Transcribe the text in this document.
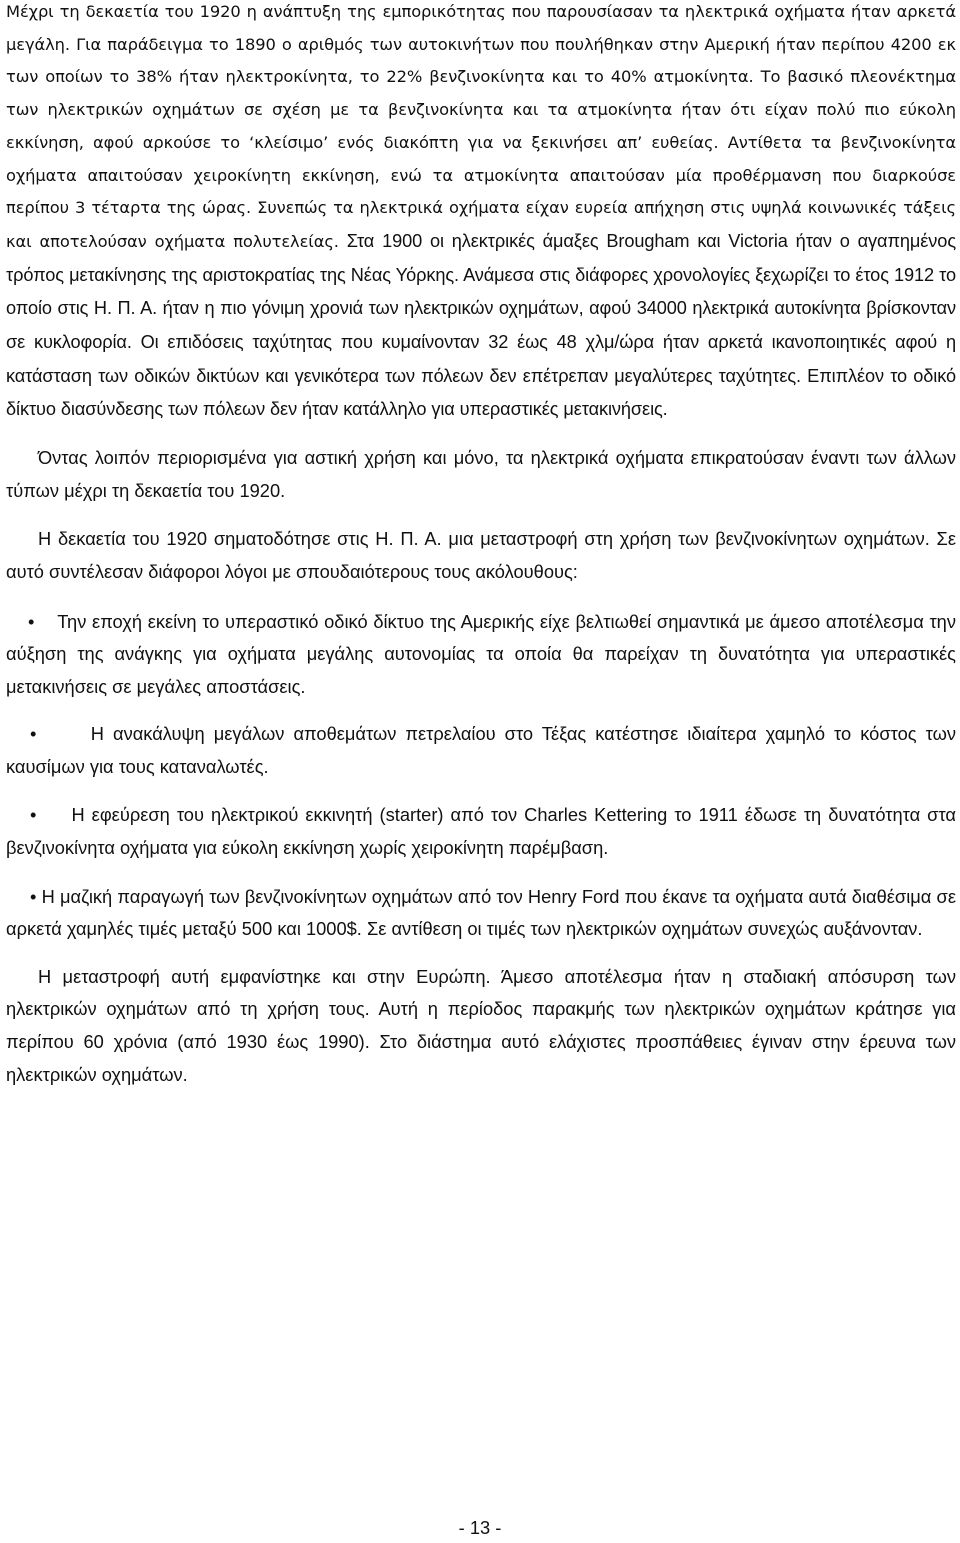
Μέχρι τη δεκαετία του 1920 η ανάπτυξη της εμπορικότητας που παρουσίασαν τα ηλεκτρικά οχήματα ήταν αρκετά μεγάλη. Για παράδειγμα το 1890 ο αριθμός των αυτοκινήτων που πουλήθηκαν στην Αμερική ήταν περίπου 4200 εκ των οποίων το 38% ήταν ηλεκτροκίνητα, το 22% βενζινοκίνητα και το 40% ατμοκίνητα. Το βασικό πλεονέκτημα των ηλεκτρικών οχημάτων σε σχέση με τα βενζινοκίνητα και τα ατμοκίνητα ήταν ότι είχαν πολύ πιο εύκολη εκκίνηση, αφού αρκούσε το ‘κλείσιμο’ ενός διακόπτη για να ξεκινήσει απ’ ευθείας. Αντίθετα τα βενζινοκίνητα οχήματα απαιτούσαν χειροκίνητη εκκίνηση, ενώ τα ατμοκίνητα απαιτούσαν μία προθέρμανση που διαρκούσε περίπου 3 τέταρτα της ώρας. Συνεπώς τα ηλεκτρικά οχήματα είχαν ευρεία απήχηση στις υψηλά κοινωνικές τάξεις και αποτελούσαν οχήματα πολυτελείας. Στα 1900 οι ηλεκτρικές άμαξες Brougham και Victoria ήταν ο αγαπημένος τρόπος μετακίνησης της αριστοκρατίας της Νέας Υόρκης. Ανάμεσα στις διάφορες χρονολογίες ξεχωρίζει το έτος 1912 το οποίο στις Η. Π. Α. ήταν η πιο γόνιμη χρονιά των ηλεκτρικών οχημάτων, αφού 34000 ηλεκτρικά αυτοκίνητα βρίσκονταν σε κυκλοφορία. Οι επιδόσεις ταχύτητας που κυμαίνονταν 32 έως 48 χλμ/ώρα ήταν αρκετά ικανοποιητικές αφού η κατάσταση των οδικών δικτύων και γενικότερα των πόλεων δεν επέτρεπαν μεγαλύτερες ταχύτητες. Επιπλέον το οδικό δίκτυο διασύνδεσης των πόλεων δεν ήταν κατάλληλο για υπεραστικές μετακινήσεις.

Όντας λοιπόν περιορισμένα για αστική χρήση και μόνο, τα ηλεκτρικά οχήματα επικρατούσαν έναντι των άλλων τύπων μέχρι τη δεκαετία του 1920.

Η δεκαετία του 1920 σηματοδότησε στις Η. Π. Α. μια μεταστροφή στη χρήση των βενζινοκίνητων οχημάτων. Σε αυτό συντέλεσαν διάφοροι λόγοι με σπουδαιότερους τους ακόλουθους:

• Την εποχή εκείνη το υπεραστικό οδικό δίκτυο της Αμερικής είχε βελτιωθεί σημαντικά με άμεσο αποτέλεσμα την αύξηση της ανάγκης για οχήματα μεγάλης αυτονομίας τα οποία θα παρείχαν τη δυνατότητα για υπεραστικές μετακινήσεις σε μεγάλες αποστάσεις.

•	Η ανακάλυψη μεγάλων αποθεμάτων πετρελαίου στο Τέξας κατέστησε ιδιαίτερα χαμηλό το κόστος των καυσίμων για τους καταναλωτές.

• Η εφεύρεση του ηλεκτρικού εκκινητή (starter) από τον Charles Kettering το 1911 έδωσε τη δυνατότητα στα βενζινοκίνητα οχήματα για εύκολη εκκίνηση χωρίς χειροκίνητη παρέμβαση.

• Η μαζική παραγωγή των βενζινοκίνητων οχημάτων από τον Henry Ford που έκανε τα οχήματα αυτά διαθέσιμα σε αρκετά χαμηλές τιμές μεταξύ 500 και 1000$. Σε αντίθεση οι τιμές των ηλεκτρικών οχημάτων συνεχώς αυξάνονταν.

Η μεταστροφή αυτή εμφανίστηκε και στην Ευρώπη. Άμεσο αποτέλεσμα ήταν η σταδιακή απόσυρση των ηλεκτρικών οχημάτων από τη χρήση τους. Αυτή η περίοδος παρακμής των ηλεκτρικών οχημάτων κράτησε για περίπου 60 χρόνια (από 1930 έως 1990). Στο διάστημα αυτό ελάχιστες προσπάθειες έγιναν στην έρευνα των ηλεκτρικών οχημάτων.

- 13 -
